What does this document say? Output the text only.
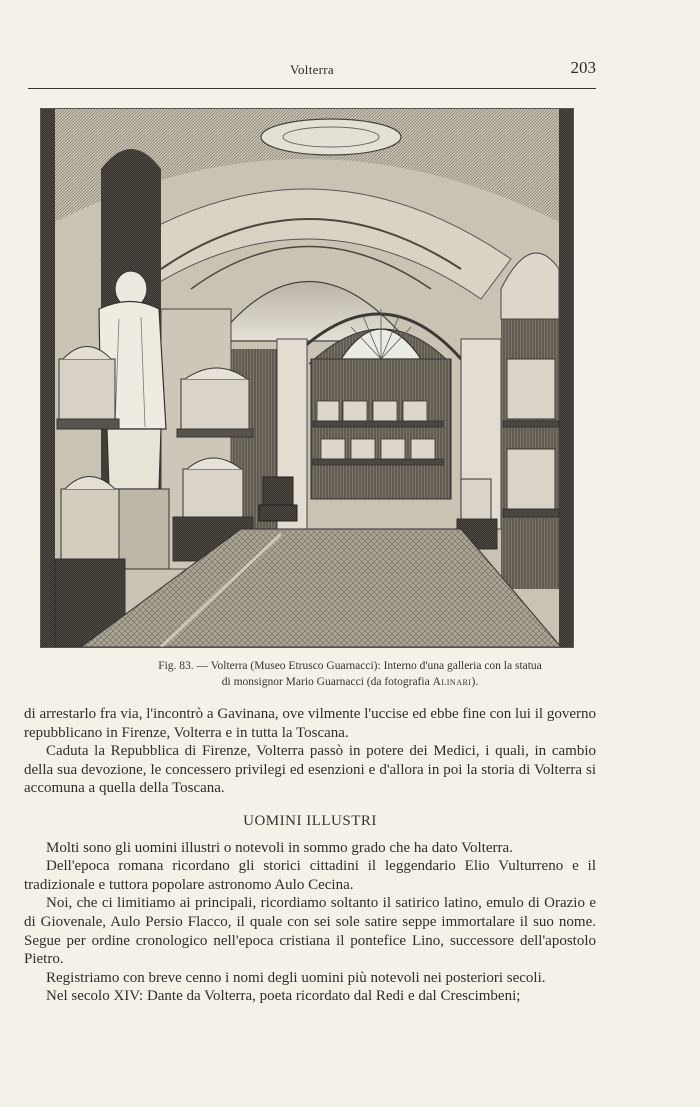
Volterra	203
Fig. 83. — Volterra (Museo Etrusco Guarnacci): Interno d'una galleria con la statua
di monsignor Mario Guarnacci (da fotografia Alinari).

di arrestarlo fra via, l'incontrò a Gavinana, ove vilmente l'uccise ed ebbe fine con lui il governo repubblicano in Firenze, Volterra e in tutta la Toscana.

Caduta la Repubblica di Firenze, Volterra passò in potere dei Medici, i quali, in cambio della sua devozione, le concessero privilegi ed esenzioni e d'allora in poi la storia di Volterra si accomuna a quella della Toscana.

UOMINI ILLUSTRI

Molti sono gli uomini illustri o notevoli in sommo grado che ha dato Volterra.

Dell'epoca romana ricordano gli storici cittadini il leggendario Elio Vulturreno e il tradizionale e tuttora popolare astronomo Aulo Cecina.

Noi, che ci limitiamo ai principali, ricordiamo soltanto il satirico latino, emulo di Orazio e di Giovenale, Aulo Persio Flacco, il quale con sei sole satire seppe immortalare il suo nome. Segue per ordine cronologico nell'epoca cristiana il pontefice Lino, successore dell'apostolo Pietro.

Registriamo con breve cenno i nomi degli uomini più notevoli nei posteriori secoli.

Nel secolo XIV: Dante da Volterra, poeta ricordato dal Redi e dal Crescimbeni;
